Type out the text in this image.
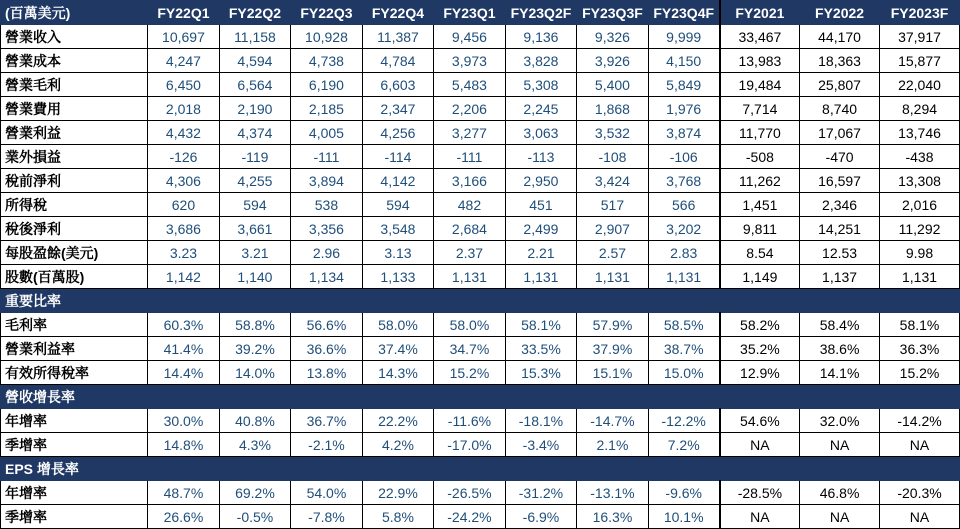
(百萬美元)	FY22Q1	FY22Q2	FY22Q3	FY22Q4	FY23Q1	FY23Q2F	FY23Q3F	FY23Q4F	FY2021	FY2022	FY2023F
營業收入	10,697	11,158	10,928	11,387	9,456	9,136	9,326	9,999	33,467	44,170	37,917
營業成本	4,247	4,594	4,738	4,784	3,973	3,828	3,926	4,150	13,983	18,363	15,877
營業毛利	6,450	6,564	6,190	6,603	5,483	5,308	5,400	5,849	19,484	25,807	22,040
營業費用	2,018	2,190	2,185	2,347	2,206	2,245	1,868	1,976	7,714	8,740	8,294
營業利益	4,432	4,374	4,005	4,256	3,277	3,063	3,532	3,874	11,770	17,067	13,746
業外損益	-126	-119	-111	-114	-111	-113	-108	-106	-508	-470	-438
稅前淨利	4,306	4,255	3,894	4,142	3,166	2,950	3,424	3,768	11,262	16,597	13,308
所得稅	620	594	538	594	482	451	517	566	1,451	2,346	2,016
稅後淨利	3,686	3,661	3,356	3,548	2,684	2,499	2,907	3,202	9,811	14,251	11,292
每股盈餘(美元)	3.23	3.21	2.96	3.13	2.37	2.21	2.57	2.83	8.54	12.53	9.98
股數(百萬股)	1,142	1,140	1,134	1,133	1,131	1,131	1,131	1,131	1,149	1,137	1,131
重要比率											
毛利率	60.3%	58.8%	56.6%	58.0%	58.0%	58.1%	57.9%	58.5%	58.2%	58.4%	58.1%
營業利益率	41.4%	39.2%	36.6%	37.4%	34.7%	33.5%	37.9%	38.7%	35.2%	38.6%	36.3%
有效所得稅率	14.4%	14.0%	13.8%	14.3%	15.2%	15.3%	15.1%	15.0%	12.9%	14.1%	15.2%
營收增長率											
年增率	30.0%	40.8%	36.7%	22.2%	-11.6%	-18.1%	-14.7%	-12.2%	54.6%	32.0%	-14.2%
季增率	14.8%	4.3%	-2.1%	4.2%	-17.0%	-3.4%	2.1%	7.2%	NA	NA	NA
EPS 增長率											
年增率	48.7%	69.2%	54.0%	22.9%	-26.5%	-31.2%	-13.1%	-9.6%	-28.5%	46.8%	-20.3%
季增率	26.6%	-0.5%	-7.8%	5.8%	-24.2%	-6.9%	16.3%	10.1%	NA	NA	NA
